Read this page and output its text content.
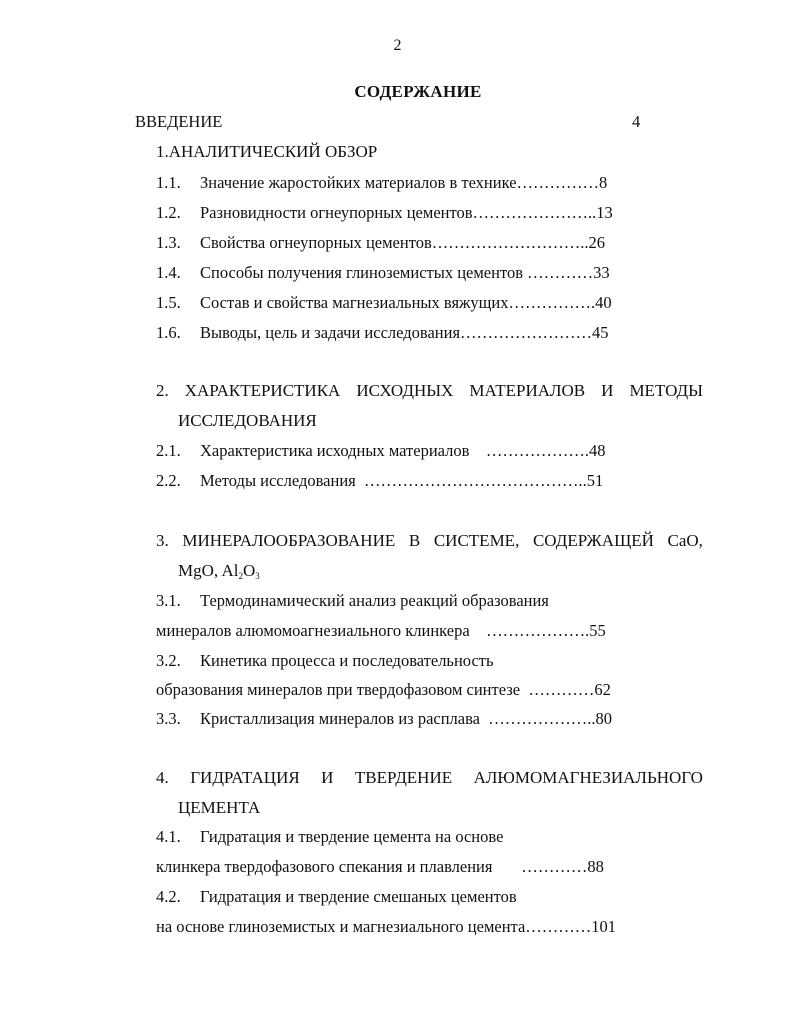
2
СОДЕРЖАНИЕ
ВВЕДЕНИЕ	4
1.АНАЛИТИЧЕСКИЙ ОБЗОР
1.1. Значение жаростойких материалов в технике……………8
1.2. Разновидности огнеупорных цементов…………………..13
1.3. Свойства огнеупорных цементов………………………..26
1.4. Способы получения глиноземистых цементов …………33
1.5. Состав и свойства магнезиальных вяжущих…………….40
1.6. Выводы, цель и задачи исследования……………………45
2. ХАРАКТЕРИСТИКА ИСХОДНЫХ МАТЕРИАЛОВ И МЕТОДЫ
ИССЛЕДОВАНИЯ
2.1. Характеристика исходных материалов    ……………….48
2.2. Методы исследования  …………………………………..51
3. МИНЕРАЛООБРАЗОВАНИЕ В СИСТЕМЕ, СОДЕРЖАЩЕЙ CaO,
MgO, Al2O3
3.1. Термодинамический анализ реакций образования
минералов алюмомоагнезиального клинкера    ……………….55
3.2. Кинетика процесса и последовательность
образования минералов при твердофазовом синтезе  …………62
3.3. Кристаллизация минералов из расплава  ………………..80
4. ГИДРАТАЦИЯ И ТВЕРДЕНИЕ АЛЮМОМАГНЕЗИАЛЬНОГО
ЦЕМЕНТА
4.1. Гидратация и твердение цемента на основе
клинкера твердофазового спекания и плавления       …………88
4.2. Гидратация и твердение смешаных цементов
на основе глиноземистых и магнезиального цемента…………101
